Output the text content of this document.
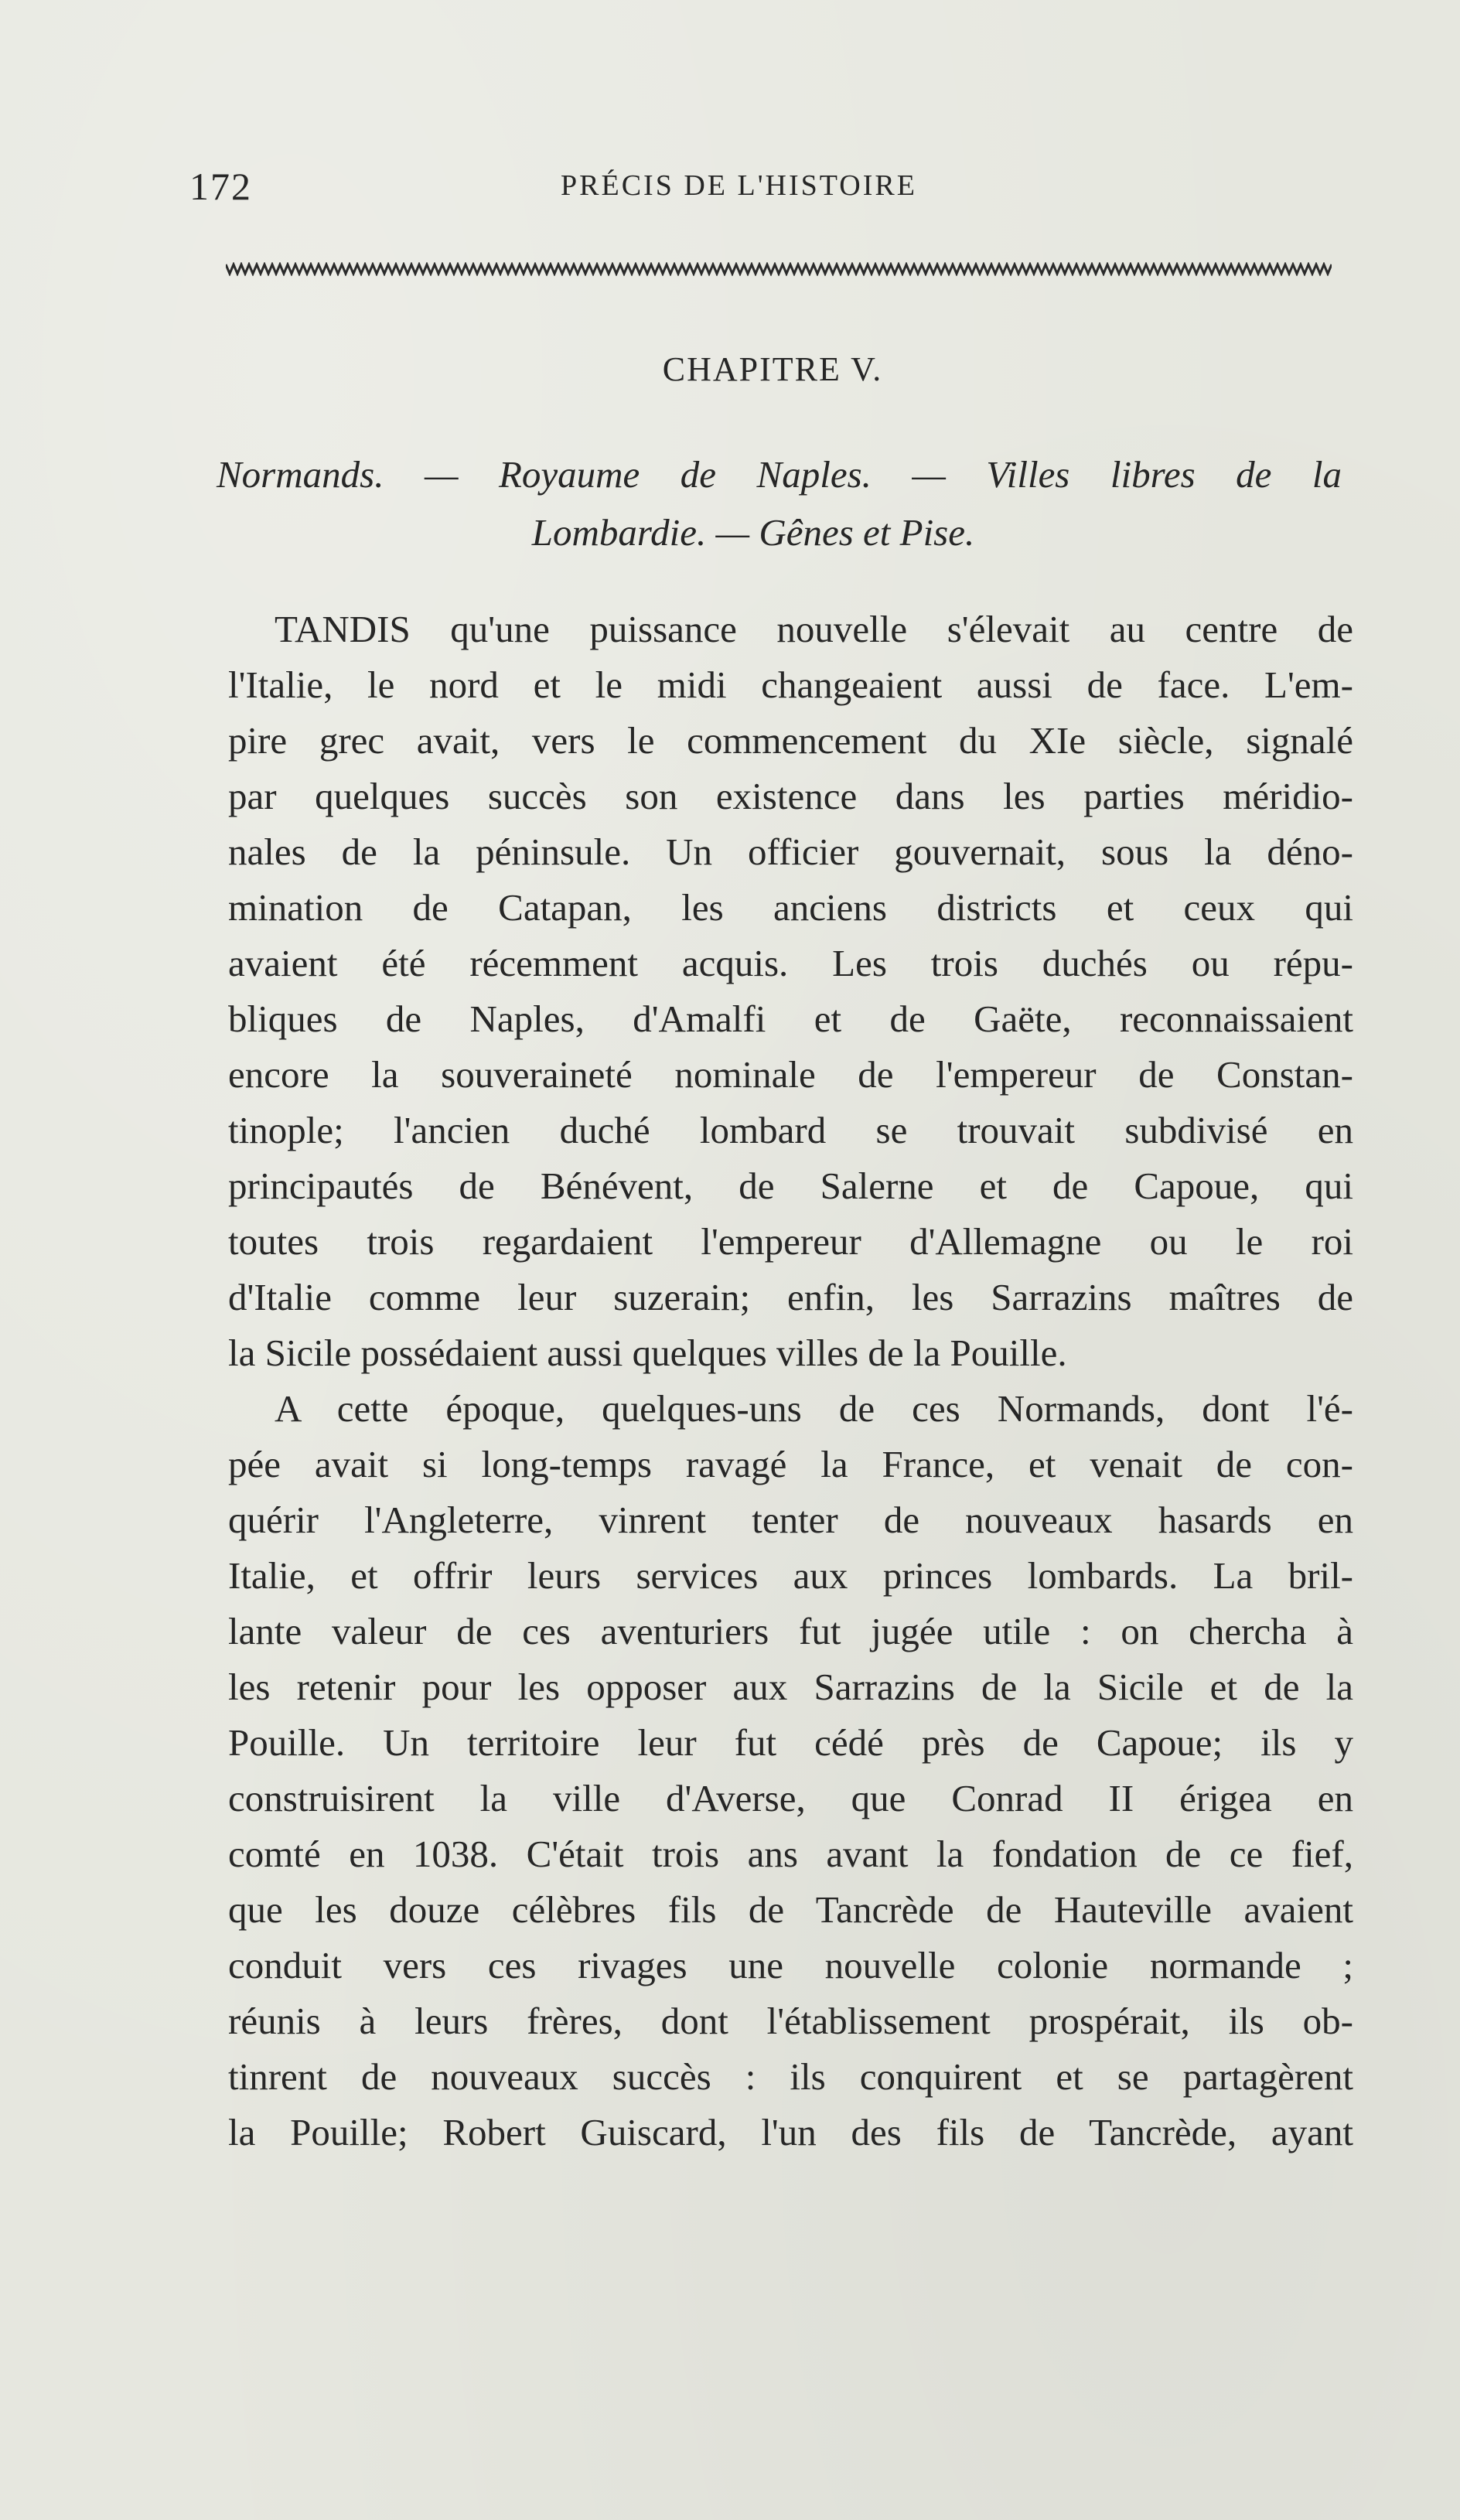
172	PRÉCIS DE L'HISTOIRE
CHAPITRE V.
Normands. — Royaume de Naples. — Villes libres de la
Lombardie. — Gênes et Pise.
TANDIS qu'une puissance nouvelle s'élevait au centre de
l'Italie, le nord et le midi changeaient aussi de face. L'em-
pire grec avait, vers le commencement du XIe siècle, signalé
par quelques succès son existence dans les parties méridio-
nales de la péninsule. Un officier gouvernait, sous la déno-
mination de Catapan, les anciens districts et ceux qui
avaient été récemment acquis. Les trois duchés ou répu-
bliques de Naples, d'Amalfi et de Gaëte, reconnaissaient
encore la souveraineté nominale de l'empereur de Constan-
tinople; l'ancien duché lombard se trouvait subdivisé en
principautés de Bénévent, de Salerne et de Capoue, qui
toutes trois regardaient l'empereur d'Allemagne ou le roi
d'Italie comme leur suzerain; enfin, les Sarrazins maîtres de
la Sicile possédaient aussi quelques villes de la Pouille.
A cette époque, quelques-uns de ces Normands, dont l'é-
pée avait si long-temps ravagé la France, et venait de con-
quérir l'Angleterre, vinrent tenter de nouveaux hasards en
Italie, et offrir leurs services aux princes lombards. La bril-
lante valeur de ces aventuriers fut jugée utile : on chercha à
les retenir pour les opposer aux Sarrazins de la Sicile et de la
Pouille. Un territoire leur fut cédé près de Capoue; ils y
construisirent la ville d'Averse, que Conrad II érigea en
comté en 1038. C'était trois ans avant la fondation de ce fief,
que les douze célèbres fils de Tancrède de Hauteville avaient
conduit vers ces rivages une nouvelle colonie normande ;
réunis à leurs frères, dont l'établissement prospérait, ils ob-
tinrent de nouveaux succès : ils conquirent et se partagèrent
la Pouille; Robert Guiscard, l'un des fils de Tancrède, ayant
